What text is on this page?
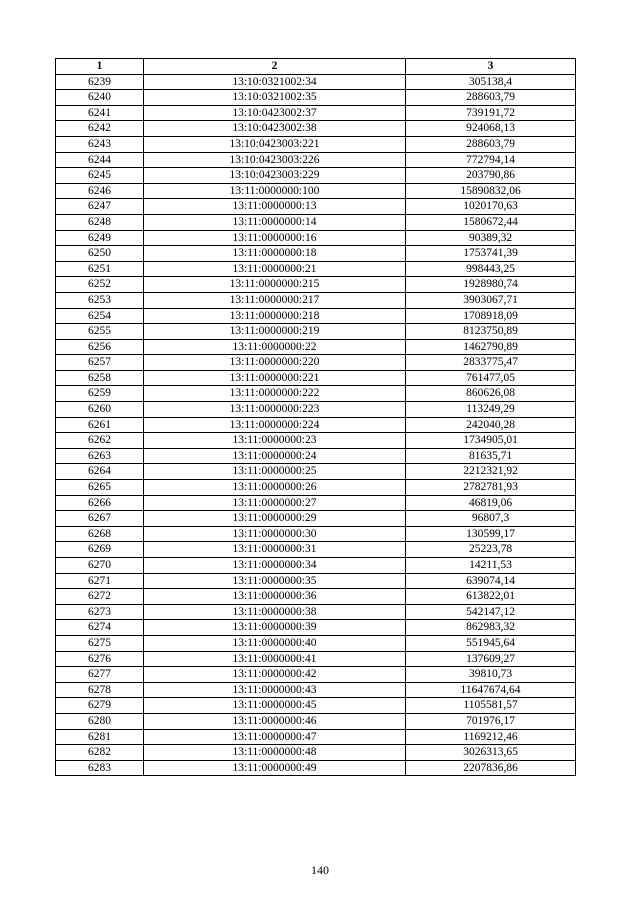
1	2	3
6239	13:10:0321002:34	305138,4
6240	13:10:0321002:35	288603,79
6241	13:10:0423002:37	739191,72
6242	13:10:0423002:38	924068,13
6243	13:10:0423003:221	288603,79
6244	13:10:0423003:226	772794,14
6245	13:10:0423003:229	203790,86
6246	13:11:0000000:100	15890832,06
6247	13:11:0000000:13	1020170,63
6248	13:11:0000000:14	1580672,44
6249	13:11:0000000:16	90389,32
6250	13:11:0000000:18	1753741,39
6251	13:11:0000000:21	998443,25
6252	13:11:0000000:215	1928980,74
6253	13:11:0000000:217	3903067,71
6254	13:11:0000000:218	1708918,09
6255	13:11:0000000:219	8123750,89
6256	13:11:0000000:22	1462790,89
6257	13:11:0000000:220	2833775,47
6258	13:11:0000000:221	761477,05
6259	13:11:0000000:222	860626,08
6260	13:11:0000000:223	113249,29
6261	13:11:0000000:224	242040,28
6262	13:11:0000000:23	1734905,01
6263	13:11:0000000:24	81635,71
6264	13:11:0000000:25	2212321,92
6265	13:11:0000000:26	2782781,93
6266	13:11:0000000:27	46819,06
6267	13:11:0000000:29	96807,3
6268	13:11:0000000:30	130599,17
6269	13:11:0000000:31	25223,78
6270	13:11:0000000:34	14211,53
6271	13:11:0000000:35	639074,14
6272	13:11:0000000:36	613822,01
6273	13:11:0000000:38	542147,12
6274	13:11:0000000:39	862983,32
6275	13:11:0000000:40	551945,64
6276	13:11:0000000:41	137609,27
6277	13:11:0000000:42	39810,73
6278	13:11:0000000:43	11647674,64
6279	13:11:0000000:45	1105581,57
6280	13:11:0000000:46	701976,17
6281	13:11:0000000:47	1169212,46
6282	13:11:0000000:48	3026313,65
6283	13:11:0000000:49	2207836,86
140
